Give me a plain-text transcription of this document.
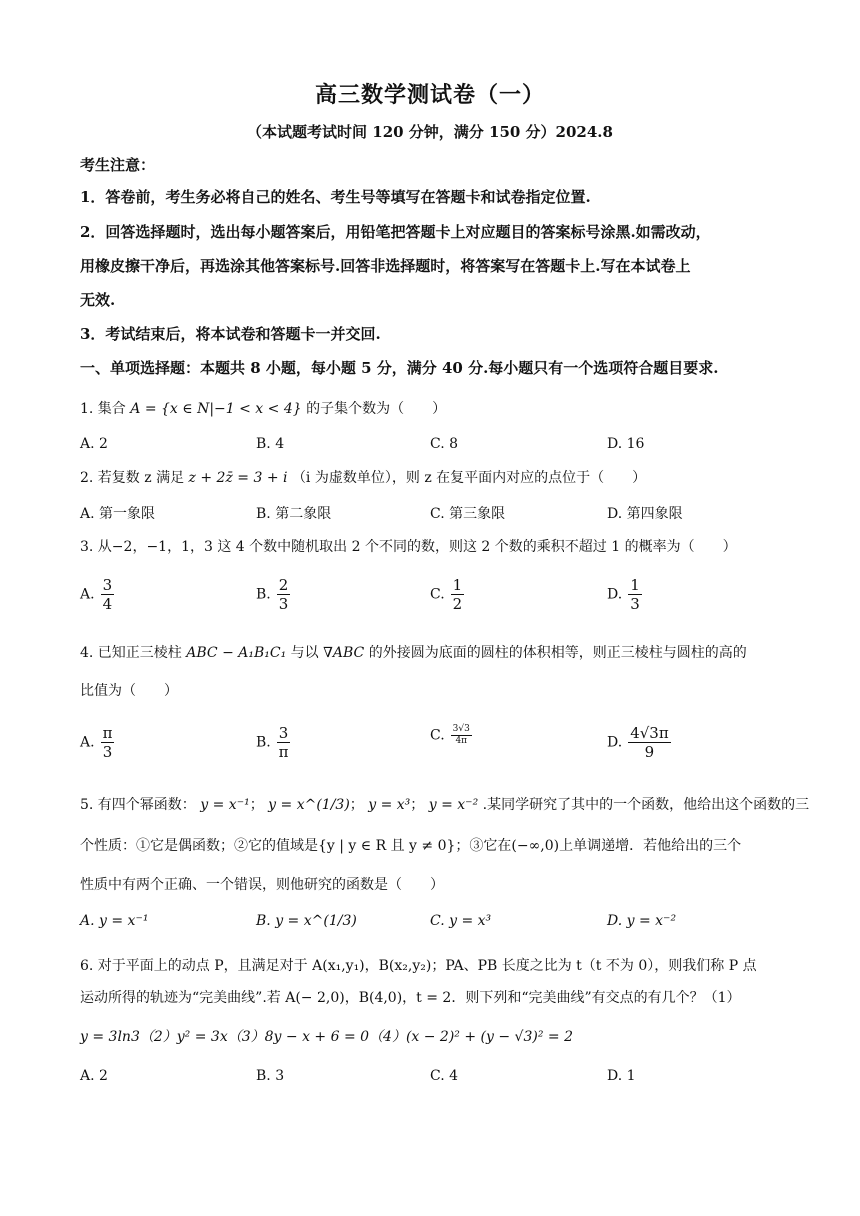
高三数学测试卷（一）
（本试题考试时间 120 分钟，满分 150 分）2024.8
考生注意：
1．答卷前，考生务必将自己的姓名、考生号等填写在答题卡和试卷指定位置.
2．回答选择题时，选出每小题答案后，用铅笔把答题卡上对应题目的答案标号涂黑.如需改动，
用橡皮擦干净后，再选涂其他答案标号.回答非选择题时，将答案写在答题卡上.写在本试卷上
无效.
3．考试结束后，将本试卷和答题卡一并交回.
一、单项选择题：本题共 8 小题，每小题 5 分，满分 40 分.每小题只有一个选项符合题目要求.
1. 集合 A = {x ∈ N|−1 < x < 4} 的子集个数为（　　）
A. 2	B. 4	C. 8	D. 16
2. 若复数 z 满足 z + 2z̄ = 3 + i （i 为虚数单位），则 z 在复平面内对应的点位于（　　）
A. 第一象限	B. 第二象限	C. 第三象限	D. 第四象限
3. 从−2，−1，1，3 这 4 个数中随机取出 2 个不同的数，则这 2 个数的乘积不超过 1 的概率为（　　）
A. $\frac{3}{4}$	B. $\frac{2}{3}$	C. $\frac{1}{2}$	D. $\frac{1}{3}$
4. 已知正三棱柱 ABC − A₁B₁C₁ 与以 ∇ABC 的外接圆为底面的圆柱的体积相等，则正三棱柱与圆柱的高的
比值为（　　）
A. $\frac{\pi}{3}$	B. $\frac{3}{\pi}$	C. $\frac{3√3}{4\pi}$	D. $\frac{4√3\pi}{9}$
5. 有四个幂函数： y = x⁻¹； y = x^(1/3)； y = x³； y = x⁻² .某同学研究了其中的一个函数，他给出这个函数的三
个性质：①它是偶函数；②它的值域是{y | y ∈ R 且 y ≠ 0}；③它在(−∞,0)上单调递增．若他给出的三个
性质中有两个正确、一个错误，则他研究的函数是（　　）
A. y = x⁻¹	B. y = x^(1/3)	C. y = x³	D. y = x⁻²
6. 对于平面上的动点 P，且满足对于 A(x₁,y₁)，B(x₂,y₂)；PA、PB 长度之比为 t（t 不为 0），则我们称 P 点
运动所得的轨迹为“完美曲线”.若 A(− 2,0)，B(4,0)，t = 2．则下列和“完美曲线”有交点的有几个？（1）
y = 3ln3（2）y² = 3x（3）8y − x + 6 = 0（4）(x − 2)² + (y − √3)² = 2
A. 2	B. 3	C. 4	D. 1
